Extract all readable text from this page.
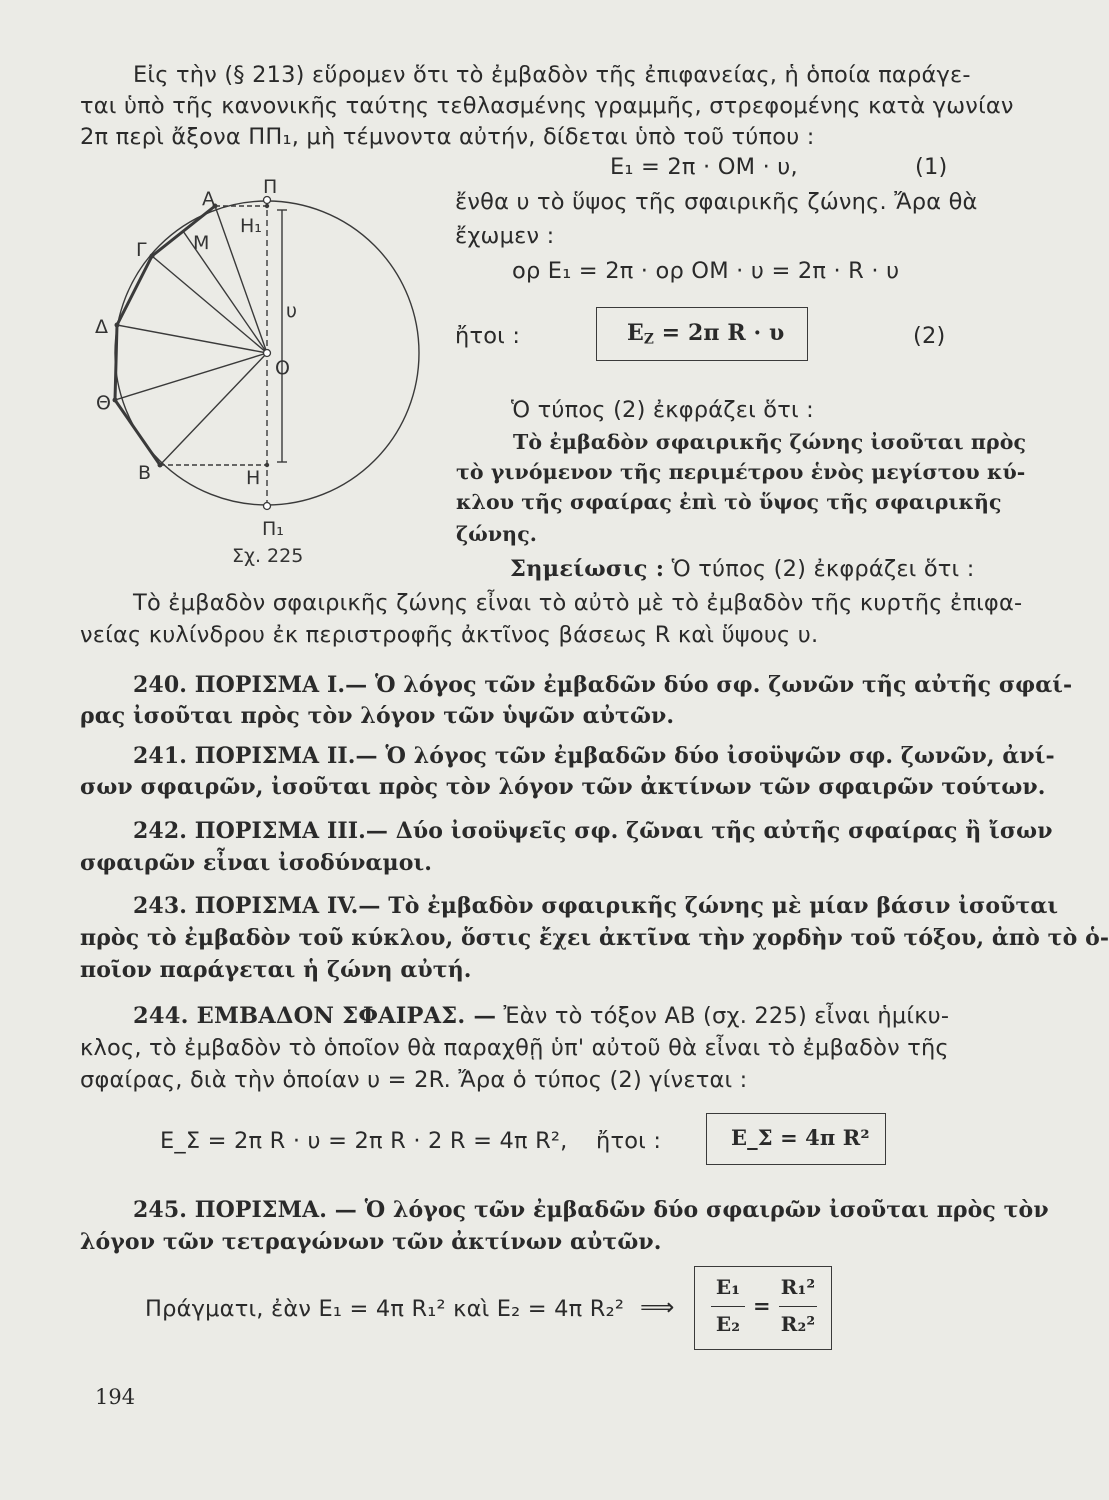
Εἰς τὴν (§ 213) εὕρομεν ὅτι τὸ ἐμβαδὸν τῆς ἐπιφανείας, ἡ ὁποία παράγε-
ται ὑπὸ τῆς κανονικῆς ταύτης τεθλασμένης γραμμῆς, στρεφομένης κατὰ γωνίαν
2π περὶ ἄξονα ΠΠ₁, μὴ τέμνοντα αὐτήν, δίδεται ὑπὸ τοῦ τύπου :
E₁ = 2π · OM · υ,	(1)
ἔνθα υ τὸ ὕψος τῆς σφαιρικῆς ζώνης. Ἄρα θὰ
ἔχωμεν :
ορ E₁ = 2π · ορ OM · υ = 2π · R · υ
ἤτοι :	$E_Z = 2\pi$ R · υ	(2)
Ὁ τύπος (2) ἐκφράζει ὅτι :
Τὸ ἐμβαδὸν σφαιρικῆς ζώνης ἰσοῦται πρὸς
τὸ γινόμενον τῆς περιμέτρου ἑνὸς μεγίστου κύ-
κλου τῆς σφαίρας ἐπὶ τὸ ὕψος τῆς σφαιρικῆς
ζώνης.
Σημείωσις : Ὁ τύπος (2) ἐκφράζει ὅτι :
Τὸ ἐμβαδὸν σφαιρικῆς ζώνης εἶναι τὸ αὐτὸ μὲ τὸ ἐμβαδὸν τῆς κυρτῆς ἐπιφα-
νείας κυλίνδρου ἐκ περιστροφῆς ἀκτῖνος βάσεως R καὶ ὕψους υ.
Α
Π
Η₁
Μ
Γ
Δ
υ
Ο
Θ
Β	Η
Π₁
Σχ. 225
240. ΠΟΡΙΣΜΑ I.— Ὁ λόγος τῶν ἐμβαδῶν δύο σφ. ζωνῶν τῆς αὐτῆς σφαί-
ρας ἰσοῦται πρὸς τὸν λόγον τῶν ὑψῶν αὐτῶν.
241. ΠΟΡΙΣΜΑ II.— Ὁ λόγος τῶν ἐμβαδῶν δύο ἰσοϋψῶν σφ. ζωνῶν, ἀνί-
σων σφαιρῶν, ἰσοῦται πρὸς τὸν λόγον τῶν ἀκτίνων τῶν σφαιρῶν τούτων.
242. ΠΟΡΙΣΜΑ III.— Δύο ἰσοϋψεῖς σφ. ζῶναι τῆς αὐτῆς σφαίρας ἢ ἴσων
σφαιρῶν εἶναι ἰσοδύναμοι.
243. ΠΟΡΙΣΜΑ IV.— Τὸ ἐμβαδὸν σφαιρικῆς ζώνης μὲ μίαν βάσιν ἰσοῦται
πρὸς τὸ ἐμβαδὸν τοῦ κύκλου, ὅστις ἔχει ἀκτῖνα τὴν χορδὴν τοῦ τόξου, ἀπὸ τὸ ὁ-
ποῖον παράγεται ἡ ζώνη αὐτή.
244. ΕΜΒΑΔΟΝ ΣΦΑΙΡΑΣ. — Ἐὰν τὸ τόξον AB (σχ. 225) εἶναι ἡμίκυ-
κλος, τὸ ἐμβαδὸν τὸ ὁποῖον θὰ παραχθῇ ὑπ' αὐτοῦ θὰ εἶναι τὸ ἐμβαδὸν τῆς
σφαίρας, διὰ τὴν ὁποίαν υ = 2R. Ἄρα ὁ τύπος (2) γίνεται :
E_Σ = 2π R · υ = 2π R · 2 R = 4π R², ἤτοι :	E_Σ = 4π R²
245. ΠΟΡΙΣΜΑ. — Ὁ λόγος τῶν ἐμβαδῶν δύο σφαιρῶν ἰσοῦται πρὸς τὸν
λόγον τῶν τετραγώνων τῶν ἀκτίνων αὐτῶν.
Πράγματι, ἐὰν E₁ = 4π R₁² καὶ E₂ = 4π R₂² ⟹
E₁
E₂
=
R₁²
R₂²
194
